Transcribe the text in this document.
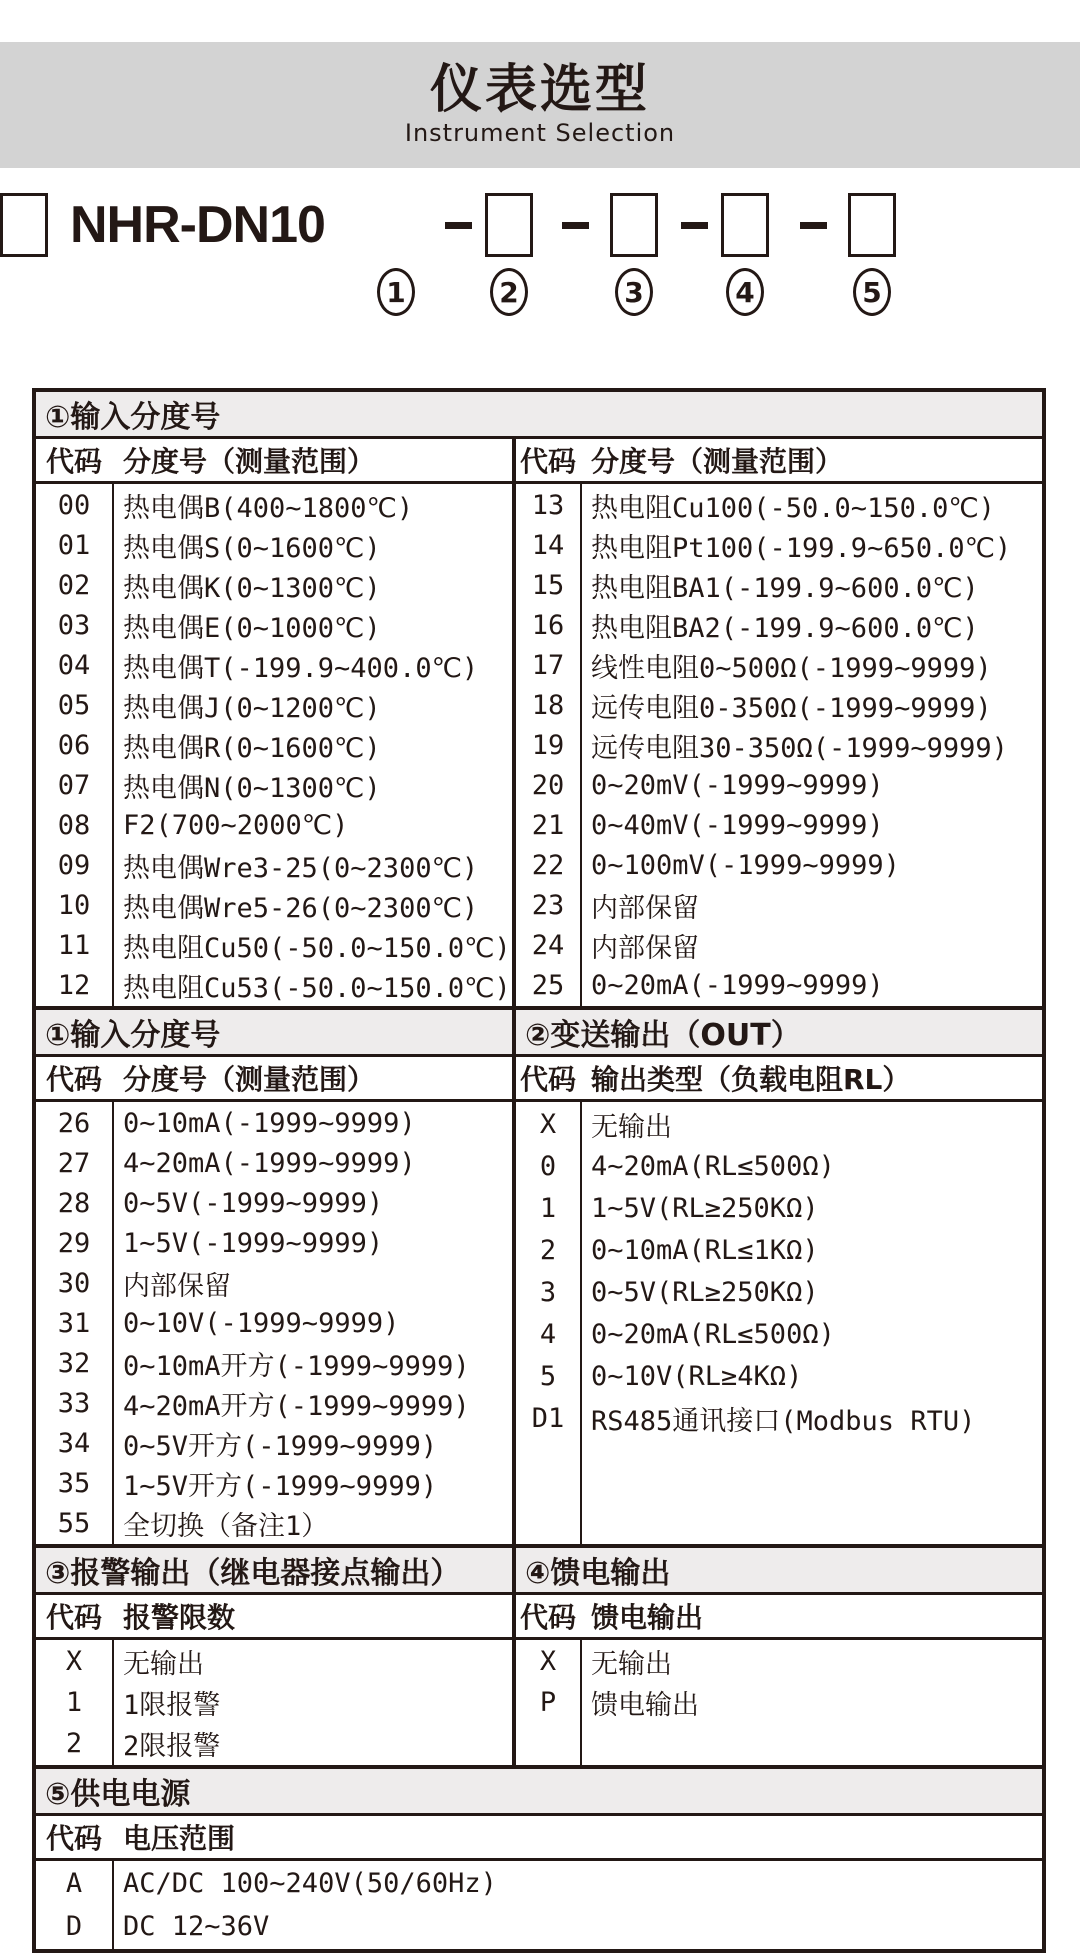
仪表选型
Instrument Selection
NHR-DN10
1	2	3	4	5
①输入分度号
代码 分度号（测量范围）	代码 分度号（测量范围）
00	热电偶B(400~1800℃)
01	热电偶S(0~1600℃)
02	热电偶K(0~1300℃)
03	热电偶E(0~1000℃)
04	热电偶T(-199.9~400.0℃)
05	热电偶J(0~1200℃)
06	热电偶R(0~1600℃)
07	热电偶N(0~1300℃)
08	F2(700~2000℃)
09	热电偶Wre3-25(0~2300℃)
10	热电偶Wre5-26(0~2300℃)
11	热电阻Cu50(-50.0~150.0℃)
12	热电阻Cu53(-50.0~150.0℃)
13 热电阻Cu100(-50.0~150.0℃)
14 热电阻Pt100(-199.9~650.0℃)
15 热电阻BA1(-199.9~600.0℃)
16 热电阻BA2(-199.9~600.0℃)
17 线性电阻0~500Ω(-1999~9999)
18 远传电阻0-350Ω(-1999~9999)
19 远传电阻30-350Ω(-1999~9999)
20 0~20mV(-1999~9999)
21 0~40mV(-1999~9999)
22 0~100mV(-1999~9999)
23 内部保留
24 内部保留
25 0~20mA(-1999~9999)
①输入分度号	②变送输出（OUT）
代码 分度号（测量范围）	代码 输出类型（负载电阻RL）
26	0~10mA(-1999~9999)
27	4~20mA(-1999~9999)
28	0~5V(-1999~9999)
29	1~5V(-1999~9999)
30	内部保留
31	0~10V(-1999~9999)
32	0~10mA开方(-1999~9999)
33	4~20mA开方(-1999~9999)
34	0~5V开方(-1999~9999)
35	1~5V开方(-1999~9999)
55	全切换（备注1）
X	无输出
0	4~20mA(RL≤500Ω)
1	1~5V(RL≥250KΩ)
2	0~10mA(RL≤1KΩ)
3	0~5V(RL≥250KΩ)
4	0~20mA(RL≤500Ω)
5	0~10V(RL≥4KΩ)
D1 RS485通讯接口(Modbus RTU)
③报警输出（继电器接点输出）	④馈电输出
代码 报警限数	代码 馈电输出
X	无输出
1	1限报警
2	2限报警
X	无输出
P	馈电输出
⑤供电电源
代码 电压范围
A	AC/DC 100~240V(50/60Hz)
D	DC 12~36V
